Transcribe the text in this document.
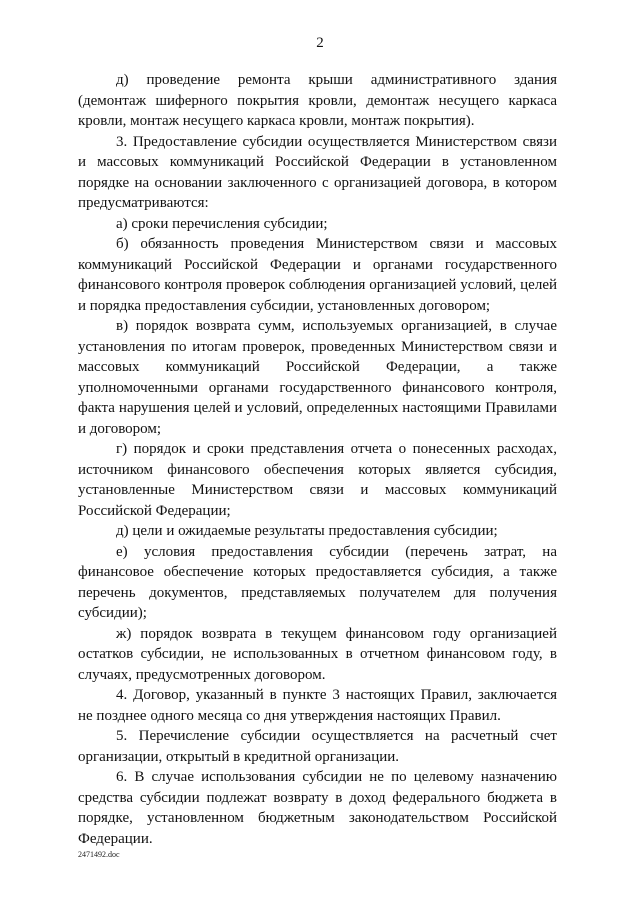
2

д) проведение ремонта крыши административного здания (демонтаж шиферного покрытия кровли, демонтаж несущего каркаса кровли, монтаж несущего каркаса кровли, монтаж покрытия).

3. Предоставление субсидии осуществляется Министерством связи и массовых коммуникаций Российской Федерации в установленном порядке на основании заключенного с организацией договора, в котором предусматриваются:

а) сроки перечисления субсидии;

б) обязанность проведения Министерством связи и массовых коммуникаций Российской Федерации и органами государственного финансового контроля проверок соблюдения организацией условий, целей и порядка предоставления субсидии, установленных договором;

в) порядок возврата сумм, используемых организацией, в случае установления по итогам проверок, проведенных Министерством связи и массовых коммуникаций Российской Федерации, а также уполномоченными органами государственного финансового контроля, факта нарушения целей и условий, определенных настоящими Правилами и договором;

г) порядок и сроки представления отчета о понесенных расходах, источником финансового обеспечения которых является субсидия, установленные Министерством связи и массовых коммуникаций Российской Федерации;

д) цели и ожидаемые результаты предоставления субсидии;

е) условия предоставления субсидии (перечень затрат, на финансовое обеспечение которых предоставляется субсидия, а также перечень документов, представляемых получателем для получения субсидии);

ж) порядок возврата в текущем финансовом году организацией остатков субсидии, не использованных в отчетном финансовом году, в случаях, предусмотренных договором.

4. Договор, указанный в пункте 3 настоящих Правил, заключается не позднее одного месяца со дня утверждения настоящих Правил.

5. Перечисление субсидии осуществляется на расчетный счет организации, открытый в кредитной организации.

6. В случае использования субсидии не по целевому назначению средства субсидии подлежат возврату в доход федерального бюджета в порядке, установленном бюджетным законодательством Российской Федерации.

2471492.doc
